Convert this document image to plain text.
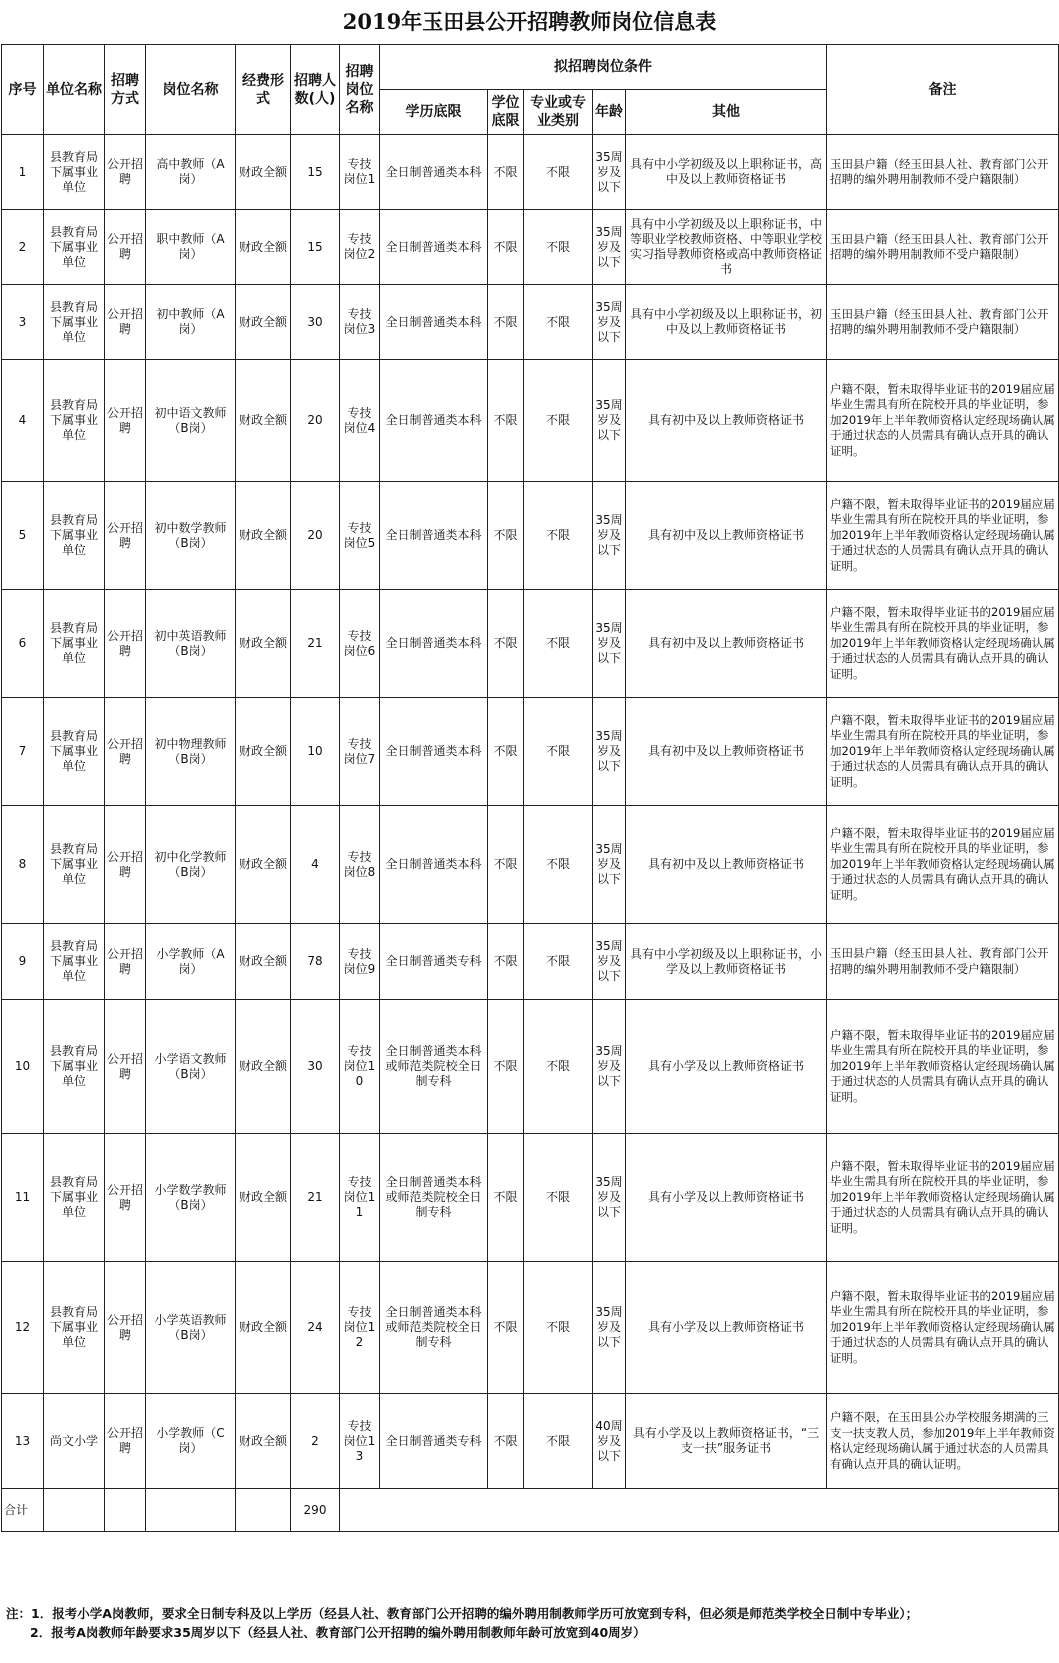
2019年玉田县公开招聘教师岗位信息表
序号	单位名称	招聘方式	岗位名称	经费形式	招聘人数(人)	招聘岗位名称	拟招聘岗位条件					备注
							学历底限	学位底限	专业或专业类别	年龄	其他	
1	县教育局下属事业单位	公开招聘	高中教师（A岗）	财政全额	15	专技岗位1	全日制普通类本科	不限	不限	35周岁及以下	具有中小学初级及以上职称证书，高中及以上教师资格证书	玉田县户籍（经玉田县人社、教育部门公开招聘的编外聘用制教师不受户籍限制）
2	县教育局下属事业单位	公开招聘	职中教师（A岗）	财政全额	15	专技岗位2	全日制普通类本科	不限	不限	35周岁及以下	具有中小学初级及以上职称证书，中等职业学校教师资格、中等职业学校实习指导教师资格或高中教师资格证书	玉田县户籍（经玉田县人社、教育部门公开招聘的编外聘用制教师不受户籍限制）
3	县教育局下属事业单位	公开招聘	初中教师（A岗）	财政全额	30	专技岗位3	全日制普通类本科	不限	不限	35周岁及以下	具有中小学初级及以上职称证书，初中及以上教师资格证书	玉田县户籍（经玉田县人社、教育部门公开招聘的编外聘用制教师不受户籍限制）
4	县教育局下属事业单位	公开招聘	初中语文教师（B岗）	财政全额	20	专技岗位4	全日制普通类本科	不限	不限	35周岁及以下	具有初中及以上教师资格证书	户籍不限，暂未取得毕业证书的2019届应届毕业生需具有所在院校开具的毕业证明，参加2019年上半年教师资格认定经现场确认属于通过状态的人员需具有确认点开具的确认证明。
5	县教育局下属事业单位	公开招聘	初中数学教师（B岗）	财政全额	20	专技岗位5	全日制普通类本科	不限	不限	35周岁及以下	具有初中及以上教师资格证书	户籍不限，暂未取得毕业证书的2019届应届毕业生需具有所在院校开具的毕业证明，参加2019年上半年教师资格认定经现场确认属于通过状态的人员需具有确认点开具的确认证明。
6	县教育局下属事业单位	公开招聘	初中英语教师（B岗）	财政全额	21	专技岗位6	全日制普通类本科	不限	不限	35周岁及以下	具有初中及以上教师资格证书	户籍不限，暂未取得毕业证书的2019届应届毕业生需具有所在院校开具的毕业证明，参加2019年上半年教师资格认定经现场确认属于通过状态的人员需具有确认点开具的确认证明。
7	县教育局下属事业单位	公开招聘	初中物理教师（B岗）	财政全额	10	专技岗位7	全日制普通类本科	不限	不限	35周岁及以下	具有初中及以上教师资格证书	户籍不限，暂未取得毕业证书的2019届应届毕业生需具有所在院校开具的毕业证明，参加2019年上半年教师资格认定经现场确认属于通过状态的人员需具有确认点开具的确认证明。
8	县教育局下属事业单位	公开招聘	初中化学教师（B岗）	财政全额	4	专技岗位8	全日制普通类本科	不限	不限	35周岁及以下	具有初中及以上教师资格证书	户籍不限，暂未取得毕业证书的2019届应届毕业生需具有所在院校开具的毕业证明，参加2019年上半年教师资格认定经现场确认属于通过状态的人员需具有确认点开具的确认证明。
9	县教育局下属事业单位	公开招聘	小学教师（A岗）	财政全额	78	专技岗位9	全日制普通类专科	不限	不限	35周岁及以下	具有中小学初级及以上职称证书，小学及以上教师资格证书	玉田县户籍（经玉田县人社、教育部门公开招聘的编外聘用制教师不受户籍限制）
10	县教育局下属事业单位	公开招聘	小学语文教师（B岗）	财政全额	30	专技岗位10	全日制普通类本科或师范类院校全日制专科	不限	不限	35周岁及以下	具有小学及以上教师资格证书	户籍不限，暂未取得毕业证书的2019届应届毕业生需具有所在院校开具的毕业证明，参加2019年上半年教师资格认定经现场确认属于通过状态的人员需具有确认点开具的确认证明。
11	县教育局下属事业单位	公开招聘	小学数学教师（B岗）	财政全额	21	专技岗位11	全日制普通类本科或师范类院校全日制专科	不限	不限	35周岁及以下	具有小学及以上教师资格证书	户籍不限，暂未取得毕业证书的2019届应届毕业生需具有所在院校开具的毕业证明，参加2019年上半年教师资格认定经现场确认属于通过状态的人员需具有确认点开具的确认证明。
12	县教育局下属事业单位	公开招聘	小学英语教师（B岗）	财政全额	24	专技岗位12	全日制普通类本科或师范类院校全日制专科	不限	不限	35周岁及以下	具有小学及以上教师资格证书	户籍不限，暂未取得毕业证书的2019届应届毕业生需具有所在院校开具的毕业证明，参加2019年上半年教师资格认定经现场确认属于通过状态的人员需具有确认点开具的确认证明。
13	尚文小学	公开招聘	小学教师（C岗）	财政全额	2	专技岗位13	全日制普通类专科	不限	不限	40周岁及以下	具有小学及以上教师资格证书，“三支一扶”服务证书	户籍不限，在玉田县公办学校服务期满的三支一扶支教人员，参加2019年上半年教师资格认定经现场确认属于通过状态的人员需具有确认点开具的确认证明。
合计					290							
注：1．报考小学A岗教师，要求全日制专科及以上学历（经县人社、教育部门公开招聘的编外聘用制教师学历可放宽到专科，但必须是师范类学校全日制中专毕业）；
2．报考A岗教师年龄要求35周岁以下（经县人社、教育部门公开招聘的编外聘用制教师年龄可放宽到40周岁）
